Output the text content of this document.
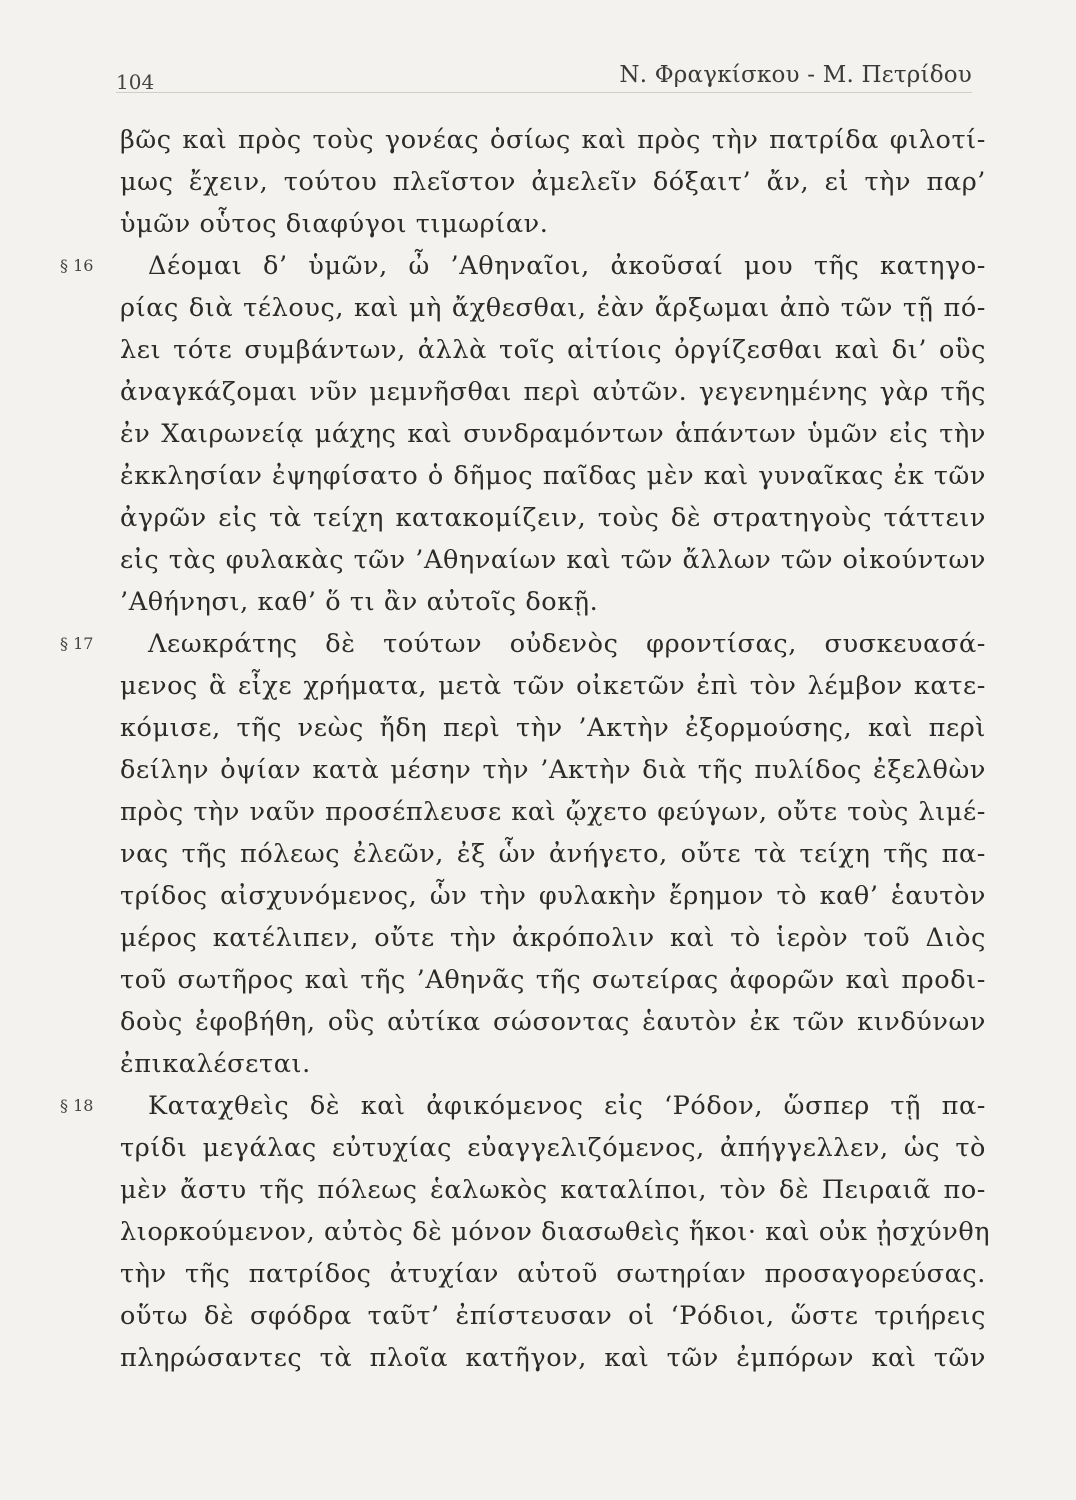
104	Ν. Φραγκίσκου - Μ. Πετρίδου
βῶς καὶ πρὸς τοὺς γονέας ὁσίως καὶ πρὸς τὴν πατρίδα φιλοτί-
μως ἔχειν, τούτου πλεῖστον ἀμελεῖν δόξαιτ’ ἄν, εἰ τὴν παρ’
ὑμῶν οὗτος διαφύγοι τιμωρίαν.
§ 16 Δέομαι δ’ ὑμῶν, ὦ ’Αθηναῖοι, ἀκοῦσαί μου τῆς κατηγο-
ρίας διὰ τέλους, καὶ μὴ ἄχθεσθαι, ἐὰν ἄρξωμαι ἀπὸ τῶν τῇ πό-
λει τότε συμβάντων, ἀλλὰ τοῖς αἰτίοις ὀργίζεσθαι καὶ δι’ οὓς
ἀναγκάζομαι νῦν μεμνῆσθαι περὶ αὐτῶν. γεγενημένης γὰρ τῆς
ἐν Χαιρωνείᾳ μάχης καὶ συνδραμόντων ἁπάντων ὑμῶν εἰς τὴν
ἐκκλησίαν ἐψηφίσατο ὁ δῆμος παῖδας μὲν καὶ γυναῖκας ἐκ τῶν
ἀγρῶν εἰς τὰ τείχη κατακομίζειν, τοὺς δὲ στρατηγοὺς τάττειν
εἰς τὰς φυλακὰς τῶν ’Αθηναίων καὶ τῶν ἄλλων τῶν οἰκούντων
’Αθήνησι, καθ’ ὅ τι ἂν αὐτοῖς δοκῇ.
§ 17 Λεωκράτης δὲ τούτων οὐδενὸς φροντίσας, συσκευασά-
μενος ἃ εἶχε χρήματα, μετὰ τῶν οἰκετῶν ἐπὶ τὸν λέμβον κατε-
κόμισε, τῆς νεὼς ἤδη περὶ τὴν ’Ακτὴν ἐξορμούσης, καὶ περὶ
δείλην ὀψίαν κατὰ μέσην τὴν ’Ακτὴν διὰ τῆς πυλίδος ἐξελθὼν
πρὸς τὴν ναῦν προσέπλευσε καὶ ᾤχετο φεύγων, οὔτε τοὺς λιμέ-
νας τῆς πόλεως ἐλεῶν, ἐξ ὧν ἀνήγετο, οὔτε τὰ τείχη τῆς πα-
τρίδος αἰσχυνόμενος, ὧν τὴν φυλακὴν ἔρημον τὸ καθ’ ἑαυτὸν
μέρος κατέλιπεν, οὔτε τὴν ἀκρόπολιν καὶ τὸ ἱερὸν τοῦ Διὸς
τοῦ σωτῆρος καὶ τῆς ’Αθηνᾶς τῆς σωτείρας ἀφορῶν καὶ προδι-
δοὺς ἐφοβήθη, οὓς αὐτίκα σώσοντας ἑαυτὸν ἐκ τῶν κινδύνων
ἐπικαλέσεται.
§ 18 Καταχθεὶς δὲ καὶ ἀφικόμενος εἰς ‘Ρόδον, ὥσπερ τῇ πα-
τρίδι μεγάλας εὐτυχίας εὐαγγελιζόμενος, ἀπήγγελλεν, ὡς τὸ
μὲν ἄστυ τῆς πόλεως ἑαλωκὸς καταλίποι, τὸν δὲ Πειραιᾶ πο-
λιορκούμενον, αὐτὸς δὲ μόνον διασωθεὶς ἥκοι· καὶ οὐκ ᾐσχύνθη
τὴν τῆς πατρίδος ἀτυχίαν αὑτοῦ σωτηρίαν προσαγορεύσας.
οὕτω δὲ σφόδρα ταῦτ’ ἐπίστευσαν οἱ ‘Ρόδιοι, ὥστε τριήρεις
πληρώσαντες τὰ πλοῖα κατῆγον, καὶ τῶν ἐμπόρων καὶ τῶν
